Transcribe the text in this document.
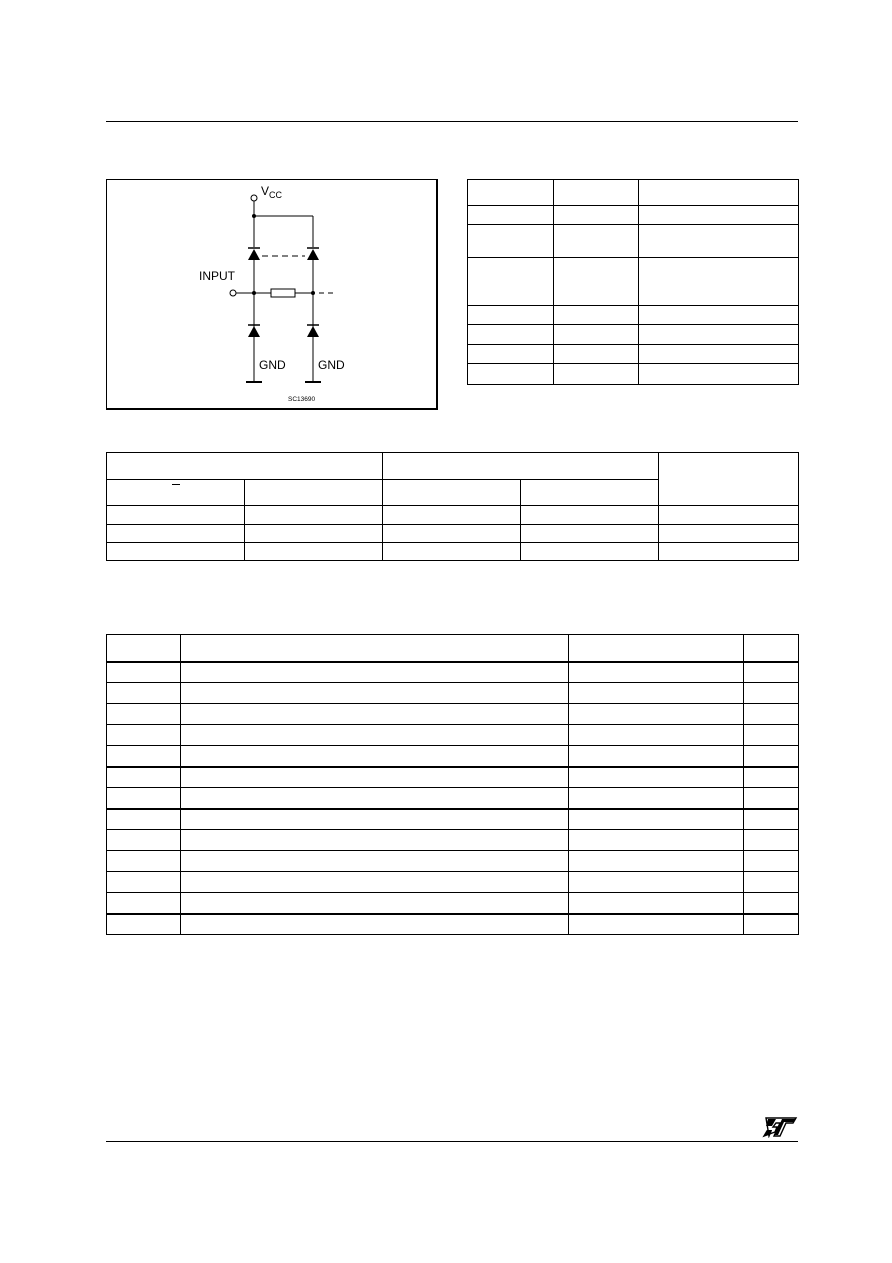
$V_{CC}$
INPUT
GND	GND
SC13690
